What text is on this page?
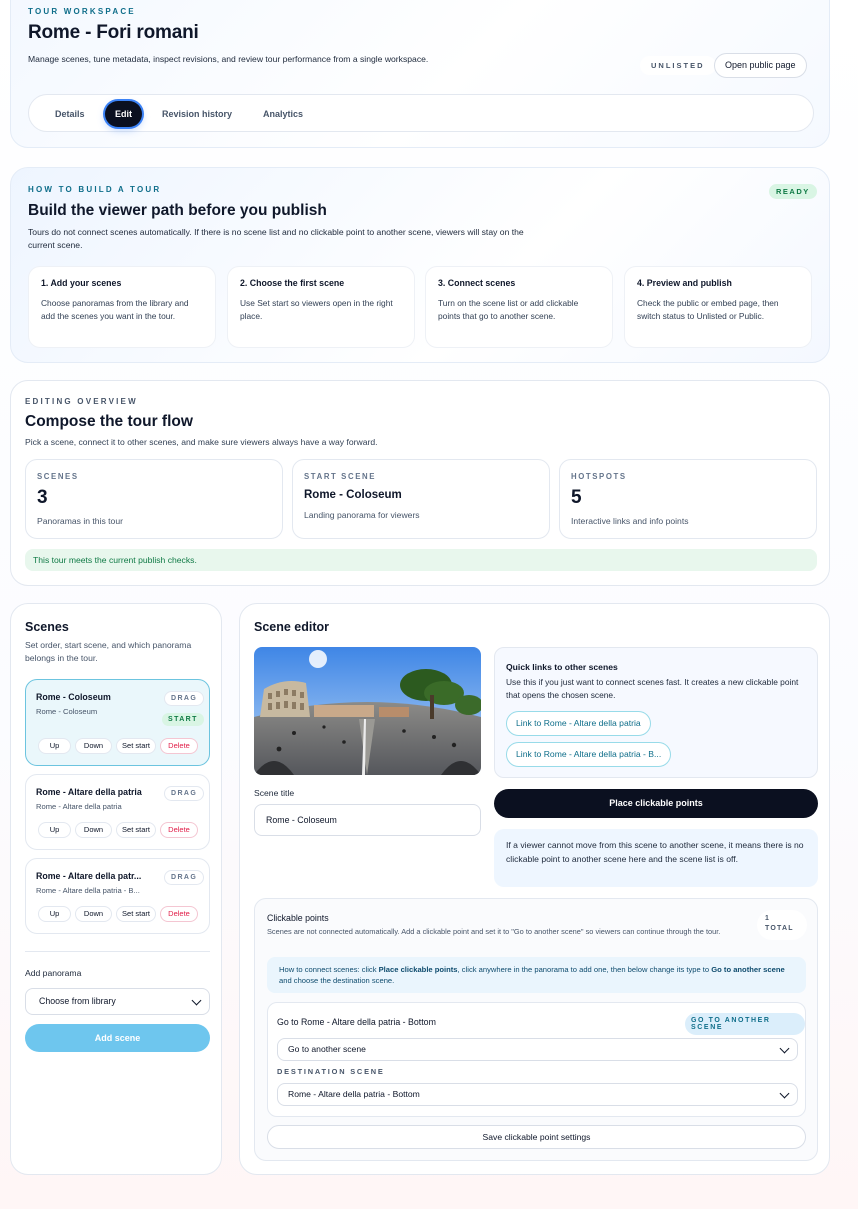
TOUR WORKSPACE
Rome - Fori romani
Manage scenes, tune metadata, inspect revisions, and review tour performance from a single workspace.
UNLISTED	Open public page
Details	Edit	Revision history	Analytics
HOW TO BUILD A TOUR	READY
Build the viewer path before you publish
Tours do not connect scenes automatically. If there is no scene list and no clickable point to another scene, viewers will stay on the current scene.
1. Add your scenes
Choose panoramas from the library and add the scenes you want in the tour.
2. Choose the first scene
Use Set start so viewers open in the right place.
3. Connect scenes
Turn on the scene list or add clickable points that go to another scene.
4. Preview and publish
Check the public or embed page, then switch status to Unlisted or Public.
EDITING OVERVIEW
Compose the tour flow
Pick a scene, connect it to other scenes, and make sure viewers always have a way forward.
SCENES
3
Panoramas in this tour
START SCENE
Rome - Coloseum
Landing panorama for viewers
HOTSPOTS
5
Interactive links and info points
This tour meets the current publish checks.
Scenes
Set order, start scene, and which panorama belongs in the tour.
Rome - Coloseum
Rome - Coloseum
DRAG
START
Up	Down	Set start	Delete
Rome - Altare della patria
Rome - Altare della patria
DRAG
Up	Down	Set start	Delete
Rome - Altare della patr...
Rome - Altare della patria - B...
DRAG
Up	Down	Set start	Delete
Add panorama
Choose from library
Add scene
Scene editor
Scene title
Rome - Coloseum
Quick links to other scenes
Use this if you just want to connect scenes fast. It creates a new clickable point that opens the chosen scene.
Link to Rome - Altare della patria
Link to Rome - Altare della patria - B...
Place clickable points
If a viewer cannot move from this scene to another scene, it means there is no clickable point to another scene here and the scene list is off.
Clickable points
Scenes are not connected automatically. Add a clickable point and set it to "Go to another scene" so viewers can continue through the tour.
1
TOTAL
How to connect scenes: click Place clickable points, click anywhere in the panorama to add one, then below change its type to Go to another scene and choose the destination scene.
Go to Rome - Altare della patria - Bottom	GO TO ANOTHER SCENE
Go to another scene
DESTINATION SCENE
Rome - Altare della patria - Bottom
Save clickable point settings
